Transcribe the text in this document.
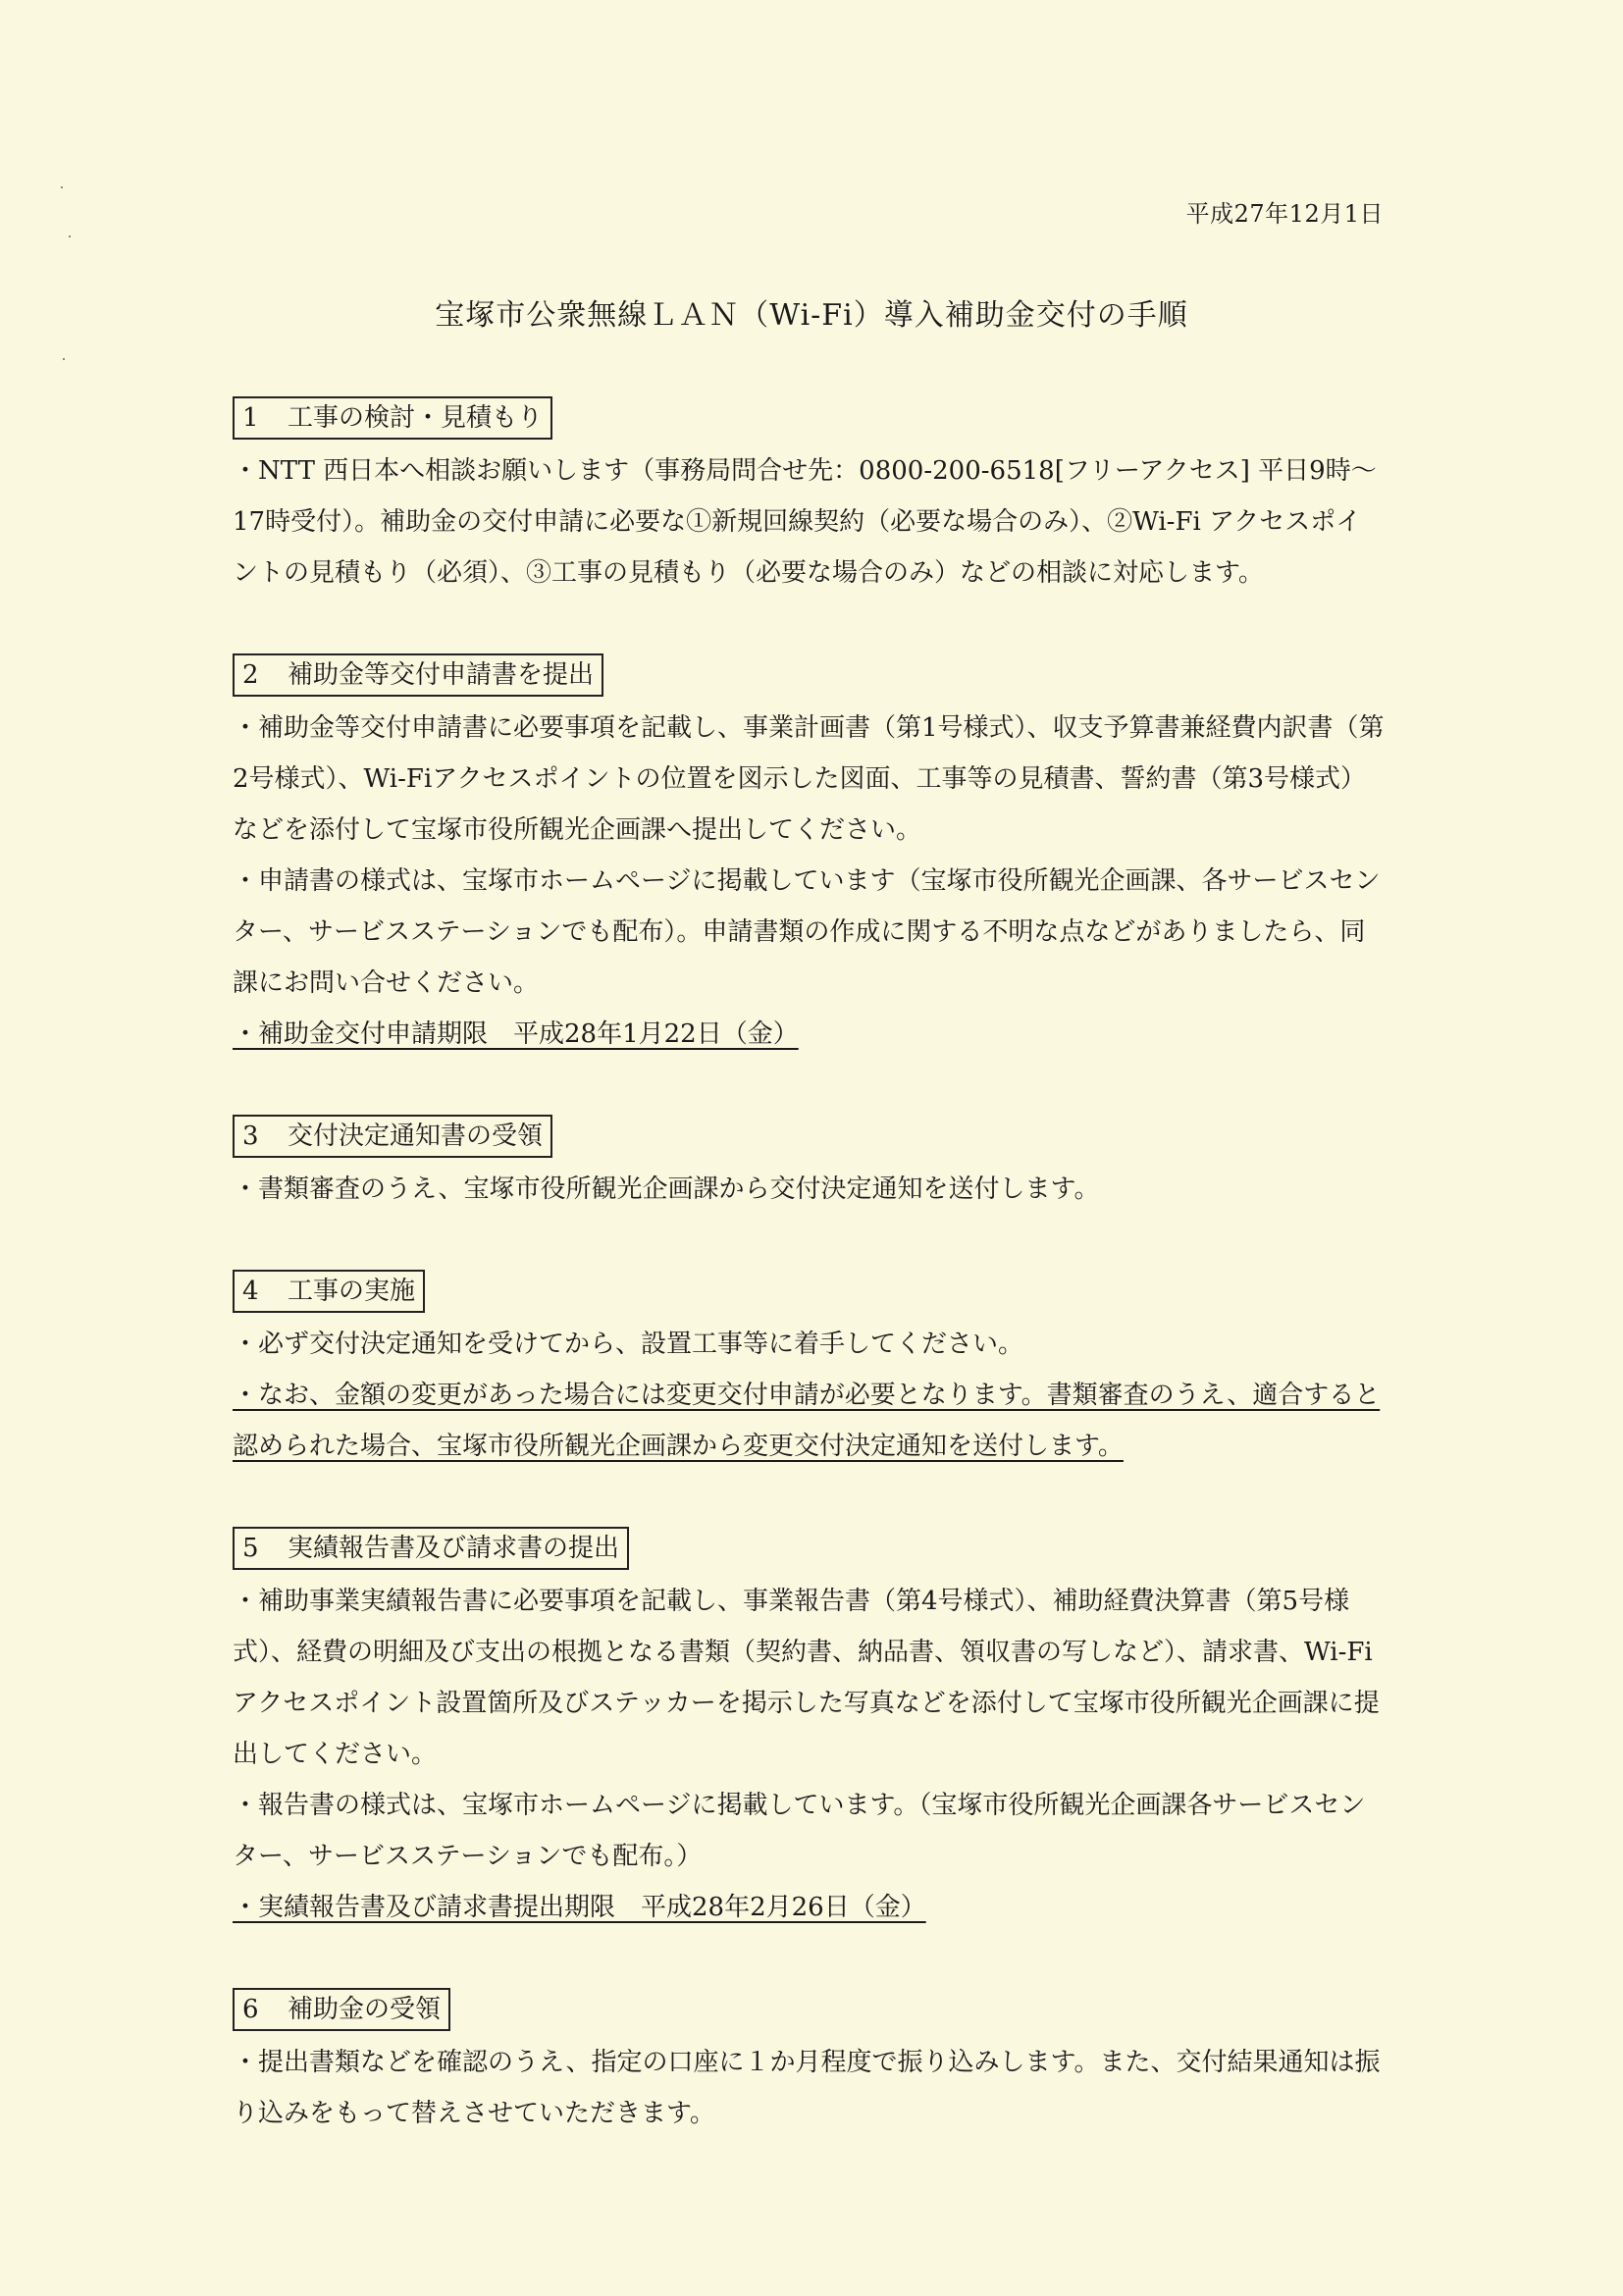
平成27年12月1日
宝塚市公衆無線ＬＡＮ（Wi-Fi）導入補助金交付の手順
1 工事の検討・見積もり

・NTT 西日本へ相談お願いします（事務局問合せ先：0800-200-6518[フリーアクセス] 平日9時～17時受付）。補助金の交付申請に必要な①新規回線契約（必要な場合のみ）、②Wi-Fi アクセスポイントの見積もり（必須）、③工事の見積もり（必要な場合のみ）などの相談に対応します。

2 補助金等交付申請書を提出

・補助金等交付申請書に必要事項を記載し、事業計画書（第1号様式）、収支予算書兼経費内訳書（第2号様式）、Wi-Fiアクセスポイントの位置を図示した図面、工事等の見積書、誓約書（第3号様式）などを添付して宝塚市役所観光企画課へ提出してください。

・申請書の様式は、宝塚市ホームページに掲載しています（宝塚市役所観光企画課、各サービスセンター、サービスステーションでも配布）。申請書類の作成に関する不明な点などがありましたら、同課にお問い合せください。

・補助金交付申請期限　平成28年1月22日（金）

3 交付決定通知書の受領

・書類審査のうえ、宝塚市役所観光企画課から交付決定通知を送付します。

4 工事の実施

・必ず交付決定通知を受けてから、設置工事等に着手してください。

・なお、金額の変更があった場合には変更交付申請が必要となります。書類審査のうえ、適合すると認められた場合、宝塚市役所観光企画課から変更交付決定通知を送付します。

5 実績報告書及び請求書の提出

・補助事業実績報告書に必要事項を記載し、事業報告書（第4号様式）、補助経費決算書（第5号様式）、経費の明細及び支出の根拠となる書類（契約書、納品書、領収書の写しなど）、請求書、Wi-Fiアクセスポイント設置箇所及びステッカーを掲示した写真などを添付して宝塚市役所観光企画課に提出してください。

・報告書の様式は、宝塚市ホームページに掲載しています。（宝塚市役所観光企画課各サービスセンター、サービスステーションでも配布。）

・実績報告書及び請求書提出期限　平成28年2月26日（金）

6 補助金の受領

・提出書類などを確認のうえ、指定の口座に１か月程度で振り込みします。また、交付結果通知は振り込みをもって替えさせていただきます。
